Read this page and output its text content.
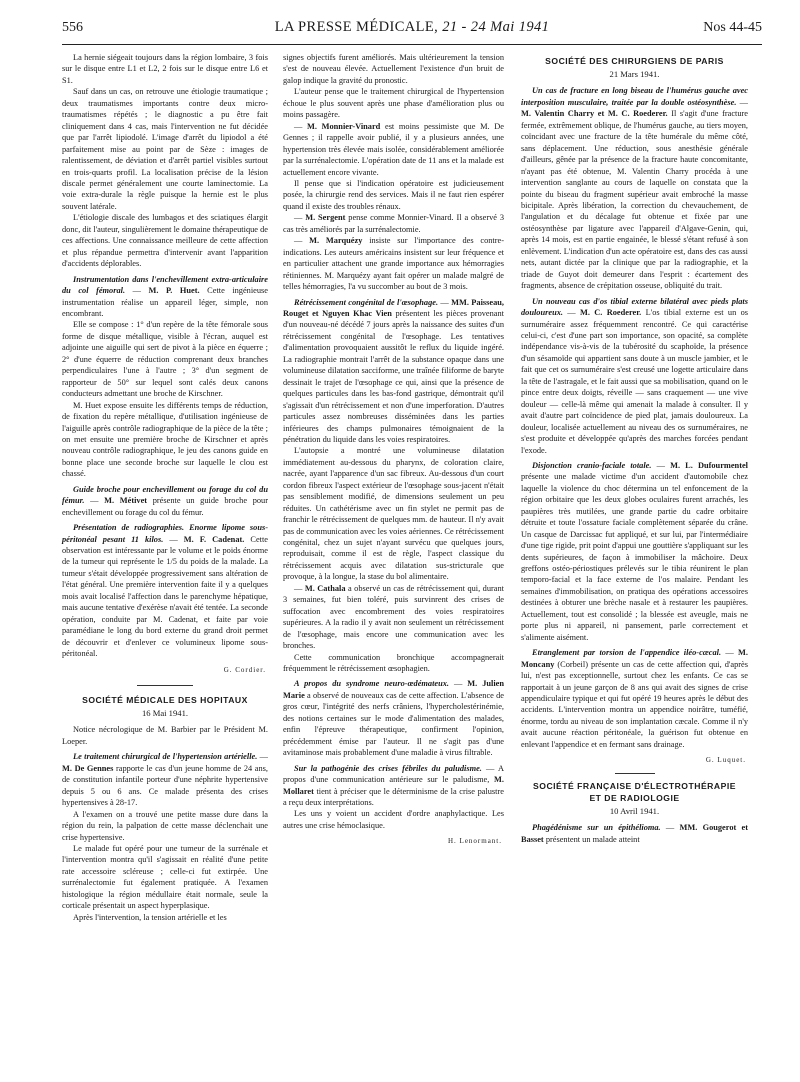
556	LA PRESSE MÉDICALE, 21 - 24 Mai 1941	Nos 44-45

La hernie siégeait toujours dans la région lombaire, 3 fois sur le disque entre L1 et L2, 2 fois sur le disque entre L6 et S1.

Sauf dans un cas, on retrouve une étiologie traumatique ; deux traumatismes importants contre deux micro-traumatismes répétés ; le diagnostic a pu être fait cliniquement dans 4 cas, mais l'intervention ne fut décidée que par l'arrêt lipiodolé. L'image d'arrêt du lipiodol a été parfaitement mise au point par de Sèze : images de ralentissement, de déviation et d'arrêt partiel visibles surtout en trois-quarts profil. La localisation précise de la lésion discale permet généralement une courte laminectomie. La voie extra-durale la règle puisque la hernie est le plus souvent latérale.

L'étiologie discale des lumbagos et des sciatiques élargit donc, dit l'auteur, singulièrement le domaine thérapeutique de ces affections. Une connaissance meilleure de cette affection et plus répandue permettra d'intervenir avant l'apparition d'accidents déplorables.

Instrumentation dans l'enchevillement extra-articulaire du col fémoral. — M. P. Huet. Cette ingénieuse instrumentation réalise un appareil léger, simple, non encombrant.

Elle se compose : 1° d'un repère de la tête fémorale sous forme de disque métallique, visible à l'écran, auquel est adjointe une aiguille qui sert de pivot à la pièce en équerre ; 2° d'une équerre de réduction comprenant deux branches perpendiculaires l'une à l'autre ; 3° d'un segment de rapporteur de 50° sur lequel sont calés deux canons conducteurs admettant une broche de Kirschner.

M. Huet expose ensuite les différents temps de réduction, de fixation du repère métallique, d'utilisation ingénieuse de l'aiguille après contrôle radiographique de la pièce de la tête ; on met ensuite une première broche de Kirschner et après nouveau contrôle radiographique, le jeu des canons guide en bonne place une seconde broche sur laquelle le clou est chassé.

Guide broche pour enchevillement ou forage du col du fémur. — M. Métivet présente un guide broche pour enchevillement ou forage du col du fémur.

Présentation de radiographies. Enorme lipome sous-péritonéal pesant 11 kilos. — M. F. Cadenat. Cette observation est intéressante par le volume et le poids énorme de la tumeur qui représente le 1/5 du poids de la malade. La tumeur s'était développée progressivement sans altération de l'état général. Une première intervention faite il y a quelques mois avait localisé l'affection dans le parenchyme hépatique, mais aucune tentative d'exérèse n'avait été tentée. La seconde opération, conduite par M. Cadenat, et faite par voie paramédiane le long du bord externe du grand droit permet de découvrir et d'enlever ce volumineux lipome sous-péritonéal.

G. Cordier.

SOCIÉTÉ MÉDICALE DES HOPITAUX
16 Mai 1941.

Notice nécrologique de M. Barbier par le Président M. Loeper.

Le traitement chirurgical de l'hypertension artérielle. — M. De Gennes rapporte le cas d'un jeune homme de 24 ans, de constitution infantile porteur d'une néphrite hypertensive depuis 5 ou 6 ans. Ce malade présenta des crises hypertensives à 28-17.

A l'examen on a trouvé une petite masse dure dans la région du rein, la palpation de cette masse déclenchait une crise hypertensive.

Le malade fut opéré pour une tumeur de la surrénale et l'intervention montra qu'il s'agissait en réalité d'une petite rate accessoire scléreuse ; celle-ci fut extirpée. Une surrénalectomie fut également pratiquée. A l'examen histologique la région médullaire était normale, seule la corticale présentait un aspect hyperplasique.

Après l'intervention, la tension artérielle et les

signes objectifs furent améliorés. Mais ultérieurement la tension s'est de nouveau élevée. Actuellement l'existence d'un bruit de galop indique la gravité du pronostic.

L'auteur pense que le traitement chirurgical de l'hypertension échoue le plus souvent après une phase d'amélioration plus ou moins passagère.

— M. Monnier-Vinard est moins pessimiste que M. De Gennes ; il rappelle avoir publié, il y a plusieurs années, une hypertension très élevée mais isolée, considérablement améliorée par la surrénalectomie. L'opération date de 11 ans et la malade est actuellement encore vivante.

Il pense que si l'indication opératoire est judicieusement posée, la chirurgie rend des services. Mais il ne faut rien espérer quand il existe des troubles rénaux.

— M. Sergent pense comme Monnier-Vinard. Il a observé 3 cas très améliorés par la surrénalectomie.

— M. Marquézy insiste sur l'importance des contre-indications. Les auteurs américains insistent sur leur fréquence et en particulier attachent une grande importance aux hémorragies rétiniennes. M. Marquézy ayant fait opérer un malade malgré de telles hémorragies, l'a vu succomber au bout de 3 mois.

Rétrécissement congénital de l'œsophage. — MM. Paisseau, Rouget et Nguyen Khac Vien présentent les pièces provenant d'un nouveau-né décédé 7 jours après la naissance des suites d'un rétrécissement congénital de l'œsophage. Les tentatives d'alimentation provoquaient aussitôt le reflux du liquide ingéré. La radiographie montrait l'arrêt de la substance opaque dans une volumineuse dilatation sacciforme, une traînée filiforme de baryte dessinait le trajet de l'œsophage ce qui, ainsi que la présence de quelques particules dans les bas-fond gastrique, démontrait qu'il s'agissait d'un rétrécissement et non d'une imperforation. D'autres particules assez nombreuses disséminées dans les parties inférieures des champs pulmonaires témoignaient de la pénétration du liquide dans les voies respiratoires.

L'autopsie a montré une volumineuse dilatation immédiatement au-dessous du pharynx, de coloration claire, nacrée, ayant l'apparence d'un sac fibreux. Au-dessous d'un court cordon fibreux l'aspect extérieur de l'œsophage sous-jacent n'était pas sensiblement modifié, de dimensions seulement un peu réduites. Un cathétérisme avec un fin stylet ne permit pas de franchir le rétrécissement de quelques mm. de hauteur. Il n'y avait pas de communication avec les voies aériennes. Ce rétrécissement congénital, chez un sujet n'ayant survécu que quelques jours, reproduisait, comme il est de règle, l'aspect classique du rétrécissement acquis avec dilatation sus-stricturale que provoque, à la longue, la stase du bol alimentaire.

— M. Cathala a observé un cas de rétrécissement qui, durant 3 semaines, fut bien toléré, puis survinrent des crises de suffocation avec encombrement des voies respiratoires supérieures. A la radio il y avait non seulement un rétrécissement de l'œsophage, mais encore une communication avec les bronches.

Cette communication bronchique accompagnerait fréquemment le rétrécissement œsophagien.

A propos du syndrome neuro-œdémateux. — M. Julien Marie a observé de nouveaux cas de cette affection. L'absence de gros cœur, l'intégrité des nerfs crâniens, l'hypercholestérinémie, des notions certaines sur le mode d'alimentation des malades, enfin l'épreuve thérapeutique, confirment l'opinion, précédemment émise par l'auteur. Il ne s'agit pas d'une avitaminose mais probablement d'une maladie à virus filtrable.

Sur la pathogénie des crises fébriles du paludisme. — A propos d'une communication antérieure sur le paludisme, M. Mollaret tient à préciser que le déterminisme de la crise palustre a reçu deux interprétations.

Les uns y voient un accident d'ordre anaphylactique. Les autres une crise hémoclasique.

H. Lenormant.

SOCIÉTÉ DES CHIRURGIENS DE PARIS
21 Mars 1941.

Un cas de fracture en long biseau de l'humérus gauche avec interposition musculaire, traitée par la double ostéosynthèse. — M. Valentin Charry et M. C. Roederer. Il s'agit d'une fracture fermée, extrêmement oblique, de l'humérus gauche, au tiers moyen, coïncidant avec une fracture de la tête humérale du même côté, sans déplacement. Une réduction, sous anesthésie générale d'ailleurs, gênée par la présence de la fracture haute concomitante, n'ayant pas été obtenue, M. Valentin Charry procéda à une intervention sanglante au cours de laquelle on constata que la pointe du biseau du fragment supérieur avait embroché la masse bicipitale. Après libération, la correction du chevauchement, de l'angulation et du décalage fut obtenue et fixée par une ostéosynthèse par ligature avec l'appareil d'Algave-Genin, qui, après 14 mois, est en partie engainée, le blessé s'étant refusé à son enlèvement. L'indication d'un acte opératoire est, dans des cas aussi nets, autant dictée par la clinique que par la radiographie, et la triade de Guyot doit demeurer dans l'esprit : écartement des fragments, absence de crépitation osseuse, obliquité du trait.

Un nouveau cas d'os tibial externe bilatéral avec pieds plats douloureux. — M. C. Roederer. L'os tibial externe est un os surnuméraire assez fréquemment rencontré. Ce qui caractérise celui-ci, c'est d'une part son importance, son opacité, sa complète indépendance vis-à-vis de la tubérosité du scaphoïde, la présence d'un sésamoïde qui appartient sans doute à un muscle jambier, et le fait que cet os surnuméraire s'est creusé une logette articulaire dans la tête de l'astragale, et le fait aussi que sa mobilisation, quand on le pince entre deux doigts, réveille — sans craquement — une vive douleur — celle-là même qui amenait la malade à consulter. Il y avait d'autre part coïncidence de pied plat, jamais douloureux. La douleur, localisée actuellement au niveau des os surnuméraires, ne s'est produite et développée qu'après des marches forcées pendant l'exode.

Disjonction cranio-faciale totale. — M. L. Dufourmentel présente une malade victime d'un accident d'automobile chez laquelle la violence du choc détermina un tel enfoncement de la région orbitaire que les deux globes oculaires furent arrachés, les paupières très mutilées, une grande partie du cadre orbitaire détruite et toute l'ossature faciale complètement séparée du crâne. Un casque de Darcissac fut appliqué, et sur lui, par l'intermédiaire d'une tige rigide, prit point d'appui une gouttière s'appliquant sur les dents supérieures, de façon à immobiliser la mâchoire. Deux greffons ostéo-périostiques prélevés sur le tibia réunirent le plan temporo-facial et la face externe de l'os malaire. Pendant les semaines d'immobilisation, on pratiqua des opérations accessoires destinées à obturer une brèche nasale et à restaurer les paupières. Actuellement, tout est consolidé ; la blessée est aveugle, mais ne porte plus ni appareil, ni pansement, parle correctement et s'alimente aisément.

Etranglement par torsion de l'appendice iléo-cæcal. — M. Moncany (Corbeil) présente un cas de cette affection qui, d'après lui, n'est pas exceptionnelle, surtout chez les enfants. Ce cas se rapportait à un jeune garçon de 8 ans qui avait des signes de crise appendiculaire typique et qui fut opéré 19 heures après le début des accidents. L'intervention montra un appendice noirâtre, tuméfié, énorme, tordu au niveau de son implantation cæcale. Comme il n'y avait aucune réaction péritonéale, la guérison fut obtenue en enlevant l'appendice et en fermant sans drainage.

G. Luquet.

SOCIÉTÉ FRANÇAISE D'ÉLECTROTHÉRAPIE
ET DE RADIOLOGIE
10 Avril 1941.

Phagédénisme sur un épithélioma. — MM. Gougerot et Basset présentent un malade atteint
